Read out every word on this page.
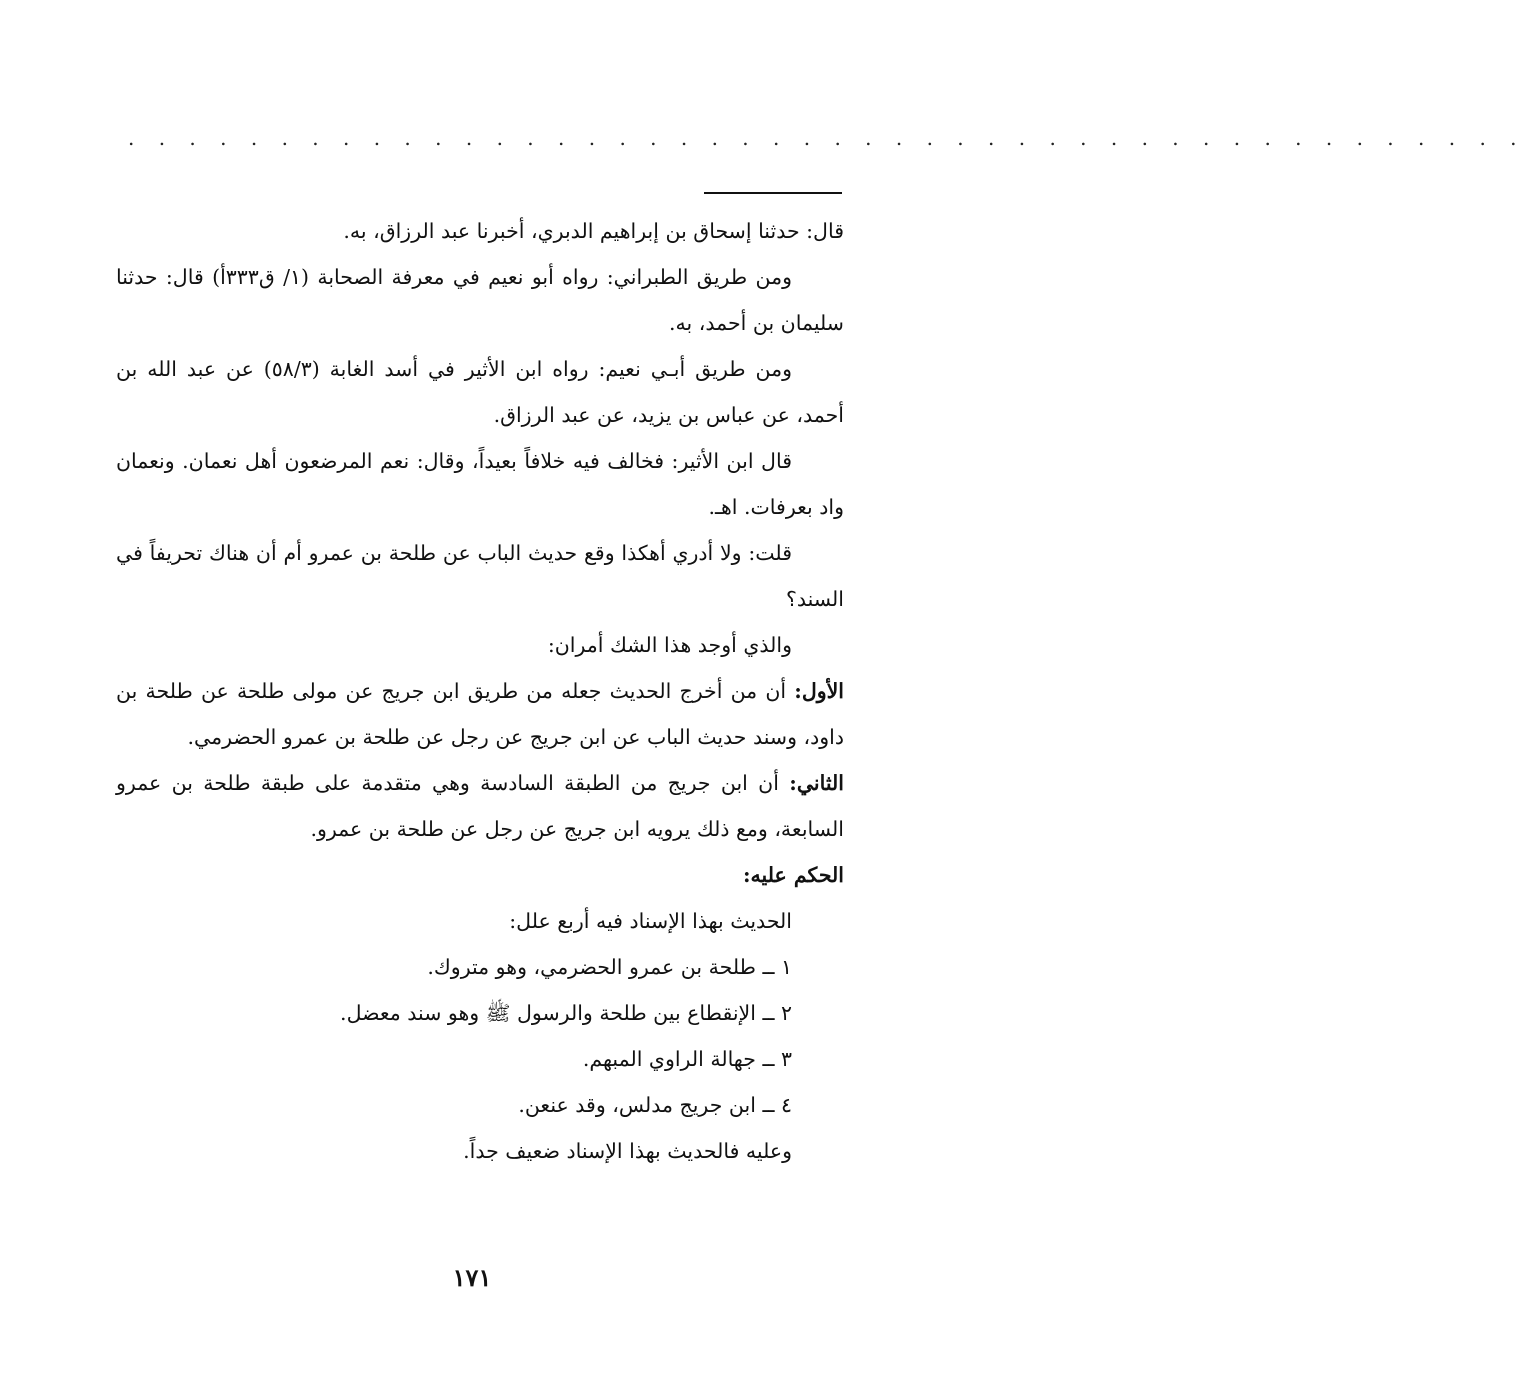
. . . . . . . . . . . . . . . . . . . . . . . . . . . . . . . . . . . . . . . . . . . . . .

قال: حدثنا إسحاق بن إبراهيم الدبري، أخبرنا عبد الرزاق، به.

ومن طريق الطبراني: رواه أبو نعيم في معرفة الصحابة (١/ ق٣٣٣أ) قال: حدثنا سليمان بن أحمد، به.

ومن طريق أبـي نعيم: رواه ابن الأثير في أسد الغابة (٥٨/٣) عن عبد الله بن أحمد، عن عباس بن يزيد، عن عبد الرزاق.

قال ابن الأثير: فخالف فيه خلافاً بعيداً، وقال: نعم المرضعون أهل نعمان. ونعمان واد بعرفات. اهـ.

قلت: ولا أدري أهكذا وقع حديث الباب عن طلحة بن عمرو أم أن هناك تحريفاً في السند؟

والذي أوجد هذا الشك أمران:

الأول: أن من أخرج الحديث جعله من طريق ابن جريج عن مولى طلحة عن طلحة بن داود، وسند حديث الباب عن ابن جريج عن رجل عن طلحة بن عمرو الحضرمي.

الثاني: أن ابن جريج من الطبقة السادسة وهي متقدمة على طبقة طلحة بن عمرو السابعة، ومع ذلك يرويه ابن جريج عن رجل عن طلحة بن عمرو.

الحكم عليه:

الحديث بهذا الإسناد فيه أربع علل:

١ ــ طلحة بن عمرو الحضرمي، وهو متروك.

٢ ــ الإنقطاع بين طلحة والرسول ﷺ وهو سند معضل.

٣ ــ جهالة الراوي المبهم.

٤ ــ ابن جريج مدلس، وقد عنعن.

وعليه فالحديث بهذا الإسناد ضعيف جداً.

١٧١
